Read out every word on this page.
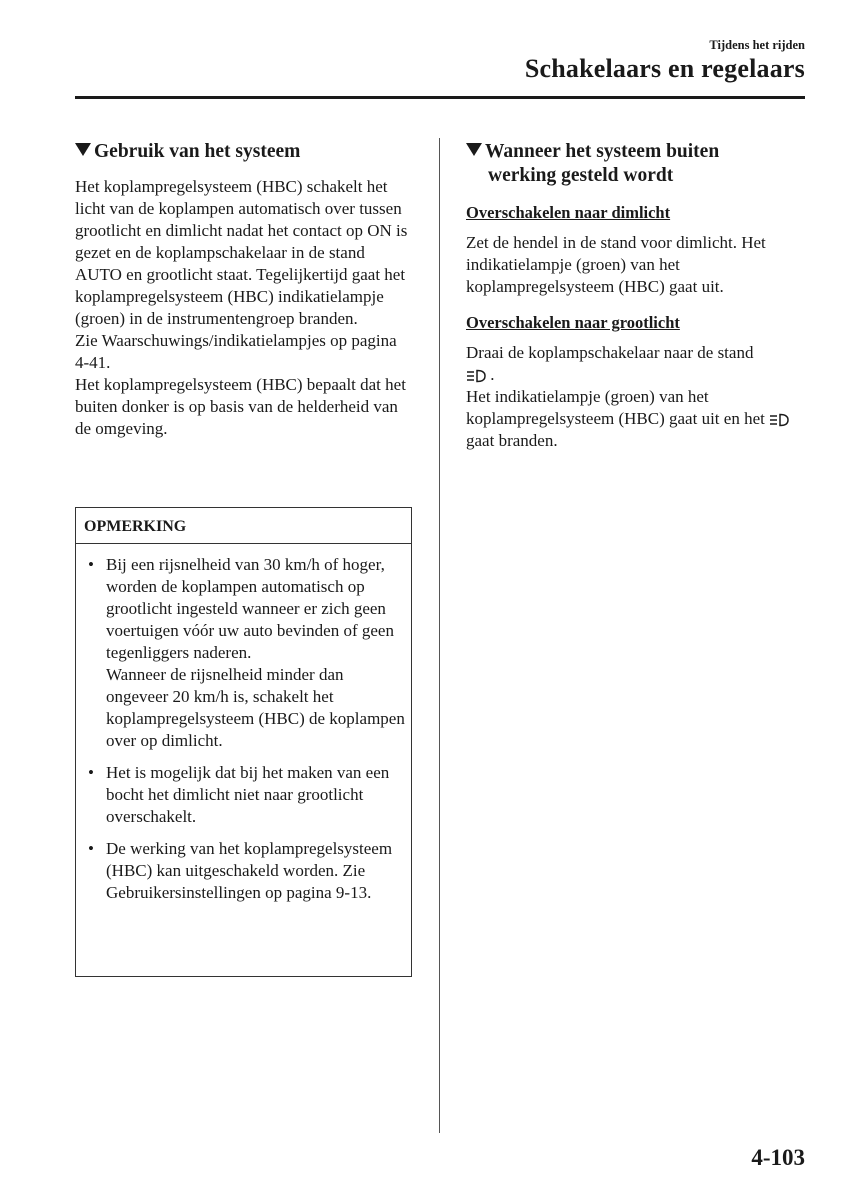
Tijdens het rijden
Schakelaars en regelaars
Gebruik van het systeem

Het koplampregelsysteem (HBC) schakelt het licht van de koplampen automatisch over tussen grootlicht en dimlicht nadat het contact op ON is gezet en de koplampschakelaar in de stand AUTO en grootlicht staat. Tegelijkertijd gaat het koplampregelsysteem (HBC) indikatielampje (groen) in de instrumentengroep branden.

Zie Waarschuwings/indikatielampjes op pagina 4-41.

Het koplampregelsysteem (HBC) bepaalt dat het buiten donker is op basis van de helderheid van de omgeving.

OPMERKING
• Bij een rijsnelheid van 30 km/h of hoger, worden de koplampen automatisch op grootlicht ingesteld wanneer er zich geen voertuigen vóór uw auto bevinden of geen tegenliggers naderen.
Wanneer de rijsnelheid minder dan ongeveer 20 km/h is, schakelt het koplampregelsysteem (HBC) de koplampen over op dimlicht.
• Het is mogelijk dat bij het maken van een bocht het dimlicht niet naar grootlicht overschakelt.
• De werking van het koplampregelsysteem (HBC) kan uitgeschakeld worden. Zie Gebruikersinstellingen op pagina 9-13.
Wanneer het systeem buiten
werking gesteld wordt
Overschakelen naar dimlicht

Zet de hendel in de stand voor dimlicht. Het indikatielampje (groen) van het koplampregelsysteem (HBC) gaat uit.

Overschakelen naar grootlicht

Draai de koplampschakelaar naar de stand
.

Het indikatielampje (groen) van het koplampregelsysteem (HBC) gaat uit en het  gaat branden.

4-103
